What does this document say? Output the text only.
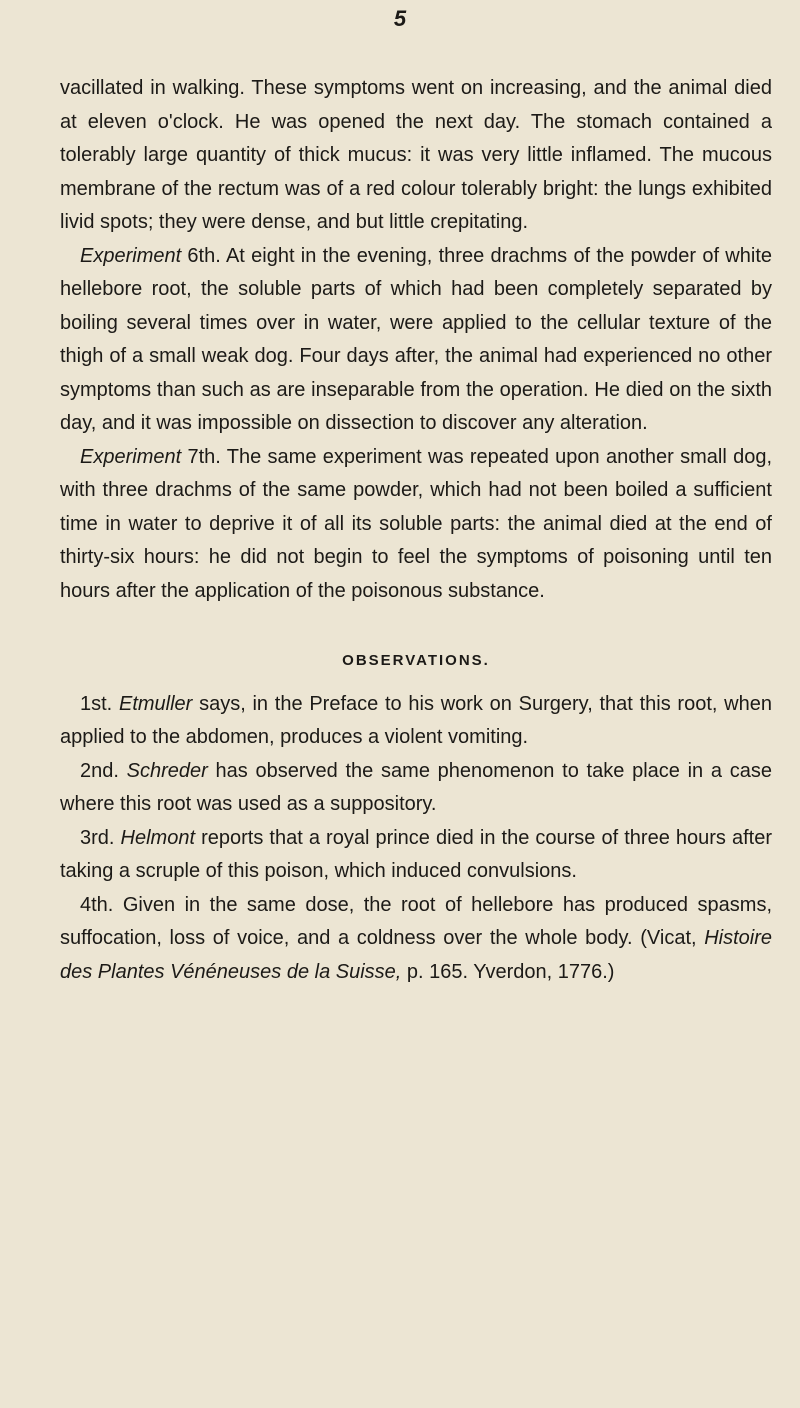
5

vacillated in walking. These symptoms went on increasing, and the animal died at eleven o'clock. He was opened the next day. The stomach contained a tolerably large quantity of thick mucus: it was very little inflamed. The mucous membrane of the rectum was of a red colour tolerably bright: the lungs exhibited livid spots; they were dense, and but little crepitating.

Experiment 6th. At eight in the evening, three drachms of the powder of white hellebore root, the soluble parts of which had been completely separated by boiling several times over in water, were applied to the cellular texture of the thigh of a small weak dog. Four days after, the animal had experienced no other symptoms than such as are inseparable from the operation. He died on the sixth day, and it was impossible on dissection to discover any alteration.

Experiment 7th. The same experiment was repeated upon another small dog, with three drachms of the same powder, which had not been boiled a sufficient time in water to deprive it of all its soluble parts: the animal died at the end of thirty-six hours: he did not begin to feel the symptoms of poisoning until ten hours after the application of the poisonous substance.

OBSERVATIONS.

1st. Etmuller says, in the Preface to his work on Surgery, that this root, when applied to the abdomen, produces a violent vomiting.

2nd. Schreder has observed the same phenomenon to take place in a case where this root was used as a suppository.

3rd. Helmont reports that a royal prince died in the course of three hours after taking a scruple of this poison, which induced convulsions.

4th. Given in the same dose, the root of hellebore has produced spasms, suffocation, loss of voice, and a coldness over the whole body. (Vicat, Histoire des Plantes Vénéneuses de la Suisse, p. 165. Yverdon, 1776.)
